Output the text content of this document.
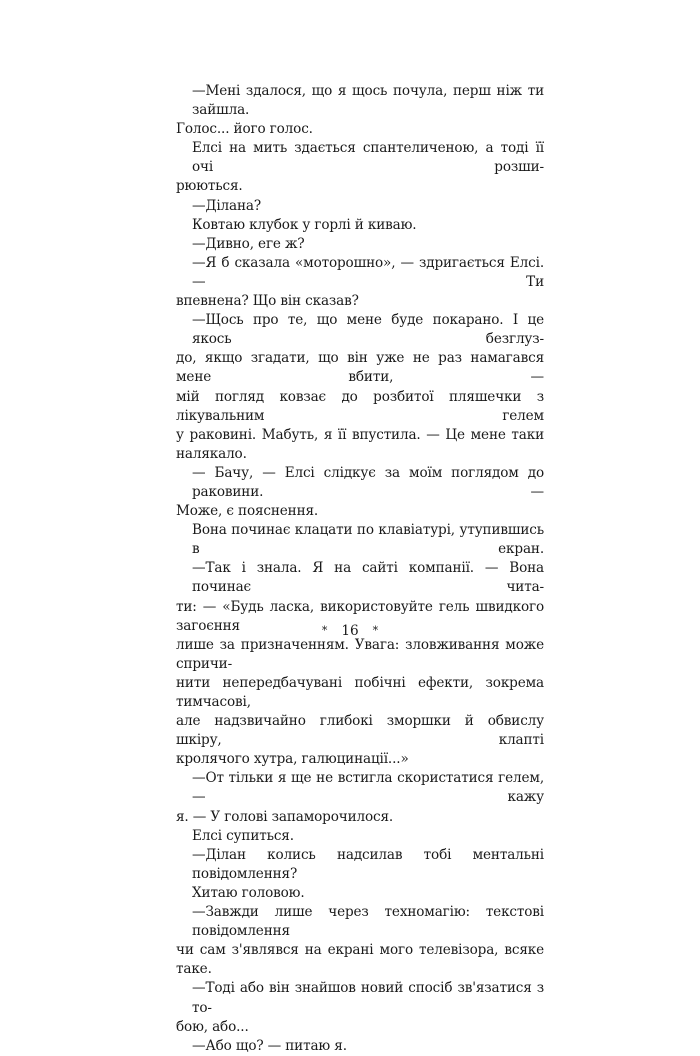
—Мені здалося, що я щось почула, перш ніж ти зайшла.
Голос... його голос.
Елсі на мить здається спантеличеною, а тоді її очі розши-
рюються.
—Ділана?
Ковтаю клубок у горлі й киваю.
—Дивно, еге ж?
—Я б сказала «моторошно», — здригається Елсі. — Ти
впевнена? Що він сказав?
—Щось про те, що мене буде покарано. І це якось безглуз-
до, якщо згадати, що він уже не раз намагався мене вбити, —
мій погляд ковзає до розбитої пляшечки з лікувальним гелем
у раковині. Мабуть, я її впустила. — Це мене таки налякало.
— Бачу, — Елсі слідкує за моїм поглядом до раковини. —
Може, є пояснення.
Вона починає клацати по клавіатурі, утупившись в екран.
—Так і знала. Я на сайті компанії. — Вона починає чита-
ти: — «Будь ласка, використовуйте гель швидкого загоєння
лише за призначенням. Увага: зловживання може спричи-
нити непередбачувані побічні ефекти, зокрема тимчасові,
але надзвичайно глибокі зморшки й обвислу шкіру, клапті
кролячого хутра, галюцинації...»
—От тільки я ще не встигла скористатися гелем, — кажу
я. — У голові запаморочилося.
Елсі супиться.
—Ділан колись надсилав тобі ментальні повідомлення?
Хитаю головою.
—Завжди лише через техномагію: текстові повідомлення
чи сам з'являвся на екрані мого телевізора, всяке таке.
—Тоді або він знайшов новий спосіб зв'язатися з то-
бою, або...
—Або що? — питаю я.
* 16 *
